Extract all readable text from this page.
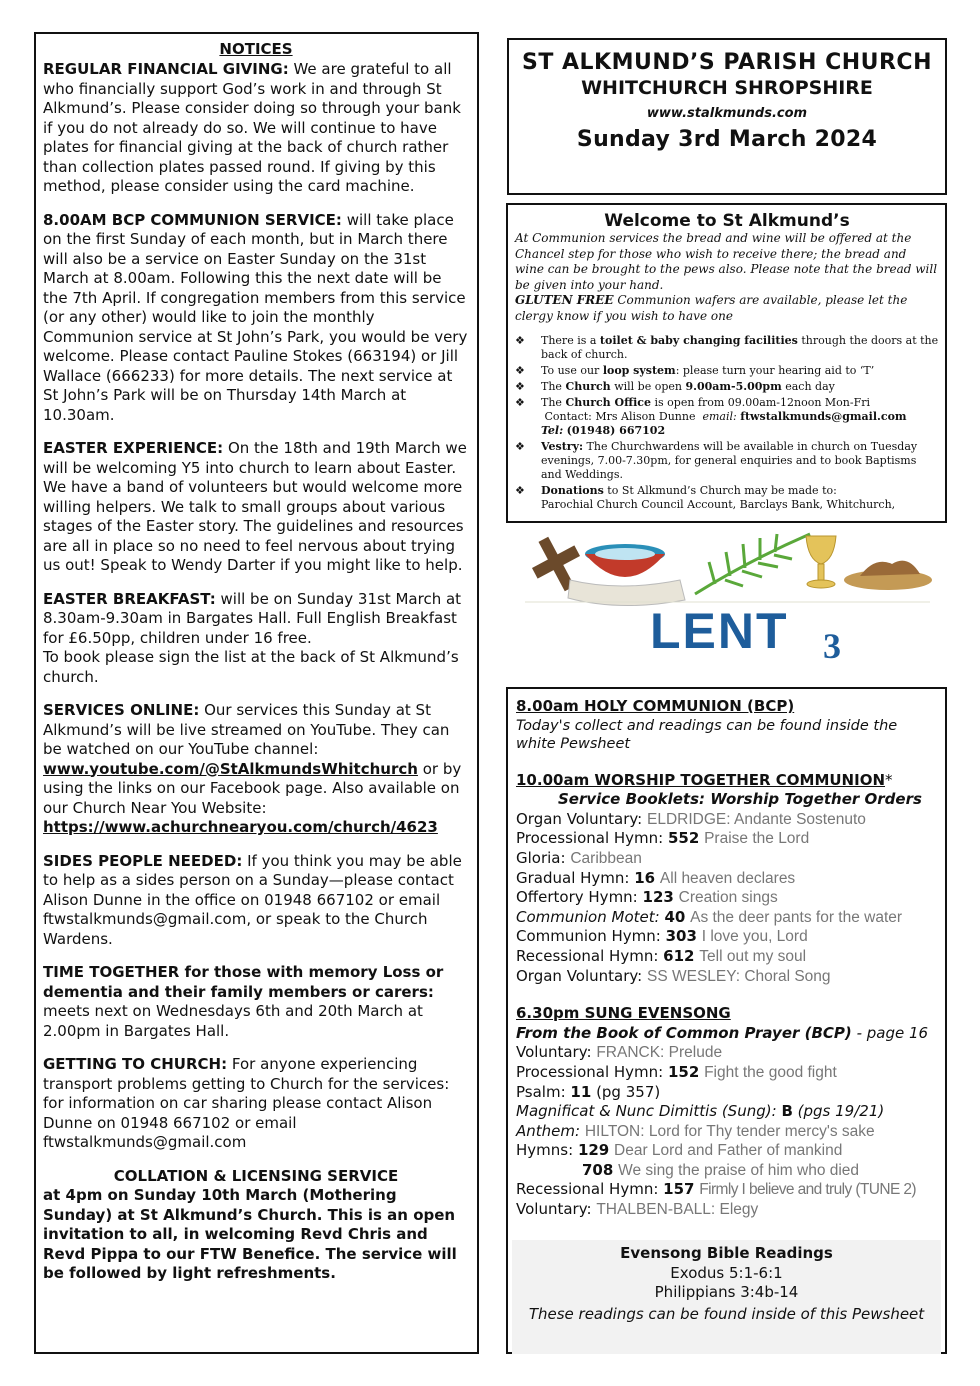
NOTICES

REGULAR FINANCIAL GIVING: We are grateful to all who financially support God’s work in and through St Alkmund’s. Please consider doing so through your bank if you do not already do so. We will continue to have plates for financial giving at the back of church rather than collection plates passed round. If giving by this method, please consider using the card machine.

8.00AM BCP COMMUNION SERVICE: will take place on the first Sunday of each month, but in March there will also be a service on Easter Sunday on the 31st March at 8.00am. Following this the next date will be the 7th April. If congregation members from this service (or any other) would like to join the monthly Communion service at St John’s Park, you would be very welcome. Please contact Pauline Stokes (663194) or Jill Wallace (666233) for more details. The next service at St John’s Park will be on Thursday 14th March at 10.30am.

EASTER EXPERIENCE: On the 18th and 19th March we will be welcoming Y5 into church to learn about Easter. We have a band of volunteers but would welcome more willing helpers. We talk to small groups about various stages of the Easter story. The guidelines and resources are all in place so no need to feel nervous about trying us out! Speak to Wendy Darter if you might like to help.

EASTER BREAKFAST: will be on Sunday 31st March at 8.30am-9.30am in Bargates Hall. Full English Breakfast for £6.50pp, children under 16 free.
To book please sign the list at the back of St Alkmund’s church.

SERVICES ONLINE: Our services this Sunday at St Alkmund’s will be live streamed on YouTube. They can be watched on our YouTube channel:
www.youtube.com/@StAlkmundsWhitchurch or by using the links on our Facebook page. Also available on our Church Near You Website:
https://www.achurchnearyou.com/church/4623

SIDES PEOPLE NEEDED: If you think you may be able to help as a sides person on a Sunday—please contact Alison Dunne in the office on 01948 667102 or email ftwstalkmunds@gmail.com, or speak to the Church Wardens.

TIME TOGETHER for those with memory Loss or dementia and their family members or carers: meets next on Wednesdays 6th and 20th March at 2.00pm in Bargates Hall.

GETTING TO CHURCH: For anyone experiencing transport problems getting to Church for the services: for information on car sharing please contact Alison Dunne on 01948 667102 or email ftwstalkmunds@gmail.com

COLLATION & LICENSING SERVICE
at 4pm on Sunday 10th March (Mothering Sunday) at St Alkmund’s Church. This is an open invitation to all, in welcoming Revd Chris and Revd Pippa to our FTW Benefice. The service will be followed by light refreshments.

ST ALKMUND’S PARISH CHURCH
WHITCHURCH SHROPSHIRE
www.stalkmunds.com
Sunday 3rd March 2024
Welcome to St Alkmund’s
At Communion services the bread and wine will be offered at the Chancel step for those who wish to receive there; the bread and wine can be brought to the pews also. Please note that the bread will be given into your hand.
GLUTEN FREE Communion wafers are available, please let the clergy know if you wish to have one
❖ There is a toilet & baby changing facilities through the doors at the back of church.
❖ To use our loop system: please turn your hearing aid to ‘T’
❖ The Church will be open 9.00am-5.00pm each day
❖ The Church Office is open from 09.00am-12noon Mon-Fri
Contact: Mrs Alison Dunne email: ftwstalkmunds@gmail.com
Tel: (01948) 667102
❖ Vestry: The Churchwardens will be available in church on Tuesday evenings, 7.00-7.30pm, for general enquiries and to book Baptisms and Weddings.
❖ Donations to St Alkmund’s Church may be made to:
Parochial Church Council Account, Barclays Bank, Whitchurch,
LENT 3
8.00am HOLY COMMUNION (BCP)
Today's collect and readings can be found inside the white Pewsheet
10.00am WORSHIP TOGETHER COMMUNION*
Service Booklets: Worship Together Orders
Organ Voluntary: ELDRIDGE: Andante Sostenuto
Processional Hymn: 552 Praise the Lord
Gloria: Caribbean
Gradual Hymn: 16 All heaven declares
Offertory Hymn: 123 Creation sings
Communion Motet: 40 As the deer pants for the water
Communion Hymn: 303 I love you, Lord
Recessional Hymn: 612 Tell out my soul
Organ Voluntary: SS WESLEY: Choral Song
6.30pm SUNG EVENSONG
From the Book of Common Prayer (BCP) - page 16
Voluntary: FRANCK: Prelude
Processional Hymn: 152 Fight the good fight
Psalm: 11 (pg 357)
Magnificat & Nunc Dimittis (Sung): B (pgs 19/21)
Anthem: HILTON: Lord for Thy tender mercy's sake
Hymns: 129 Dear Lord and Father of mankind
708 We sing the praise of him who died
Recessional Hymn: 157 Firmly I believe and truly (TUNE 2)
Voluntary: THALBEN-BALL: Elegy
Evensong Bible Readings
Exodus 5:1-6:1
Philippians 3:4b-14
These readings can be found inside of this Pewsheet
